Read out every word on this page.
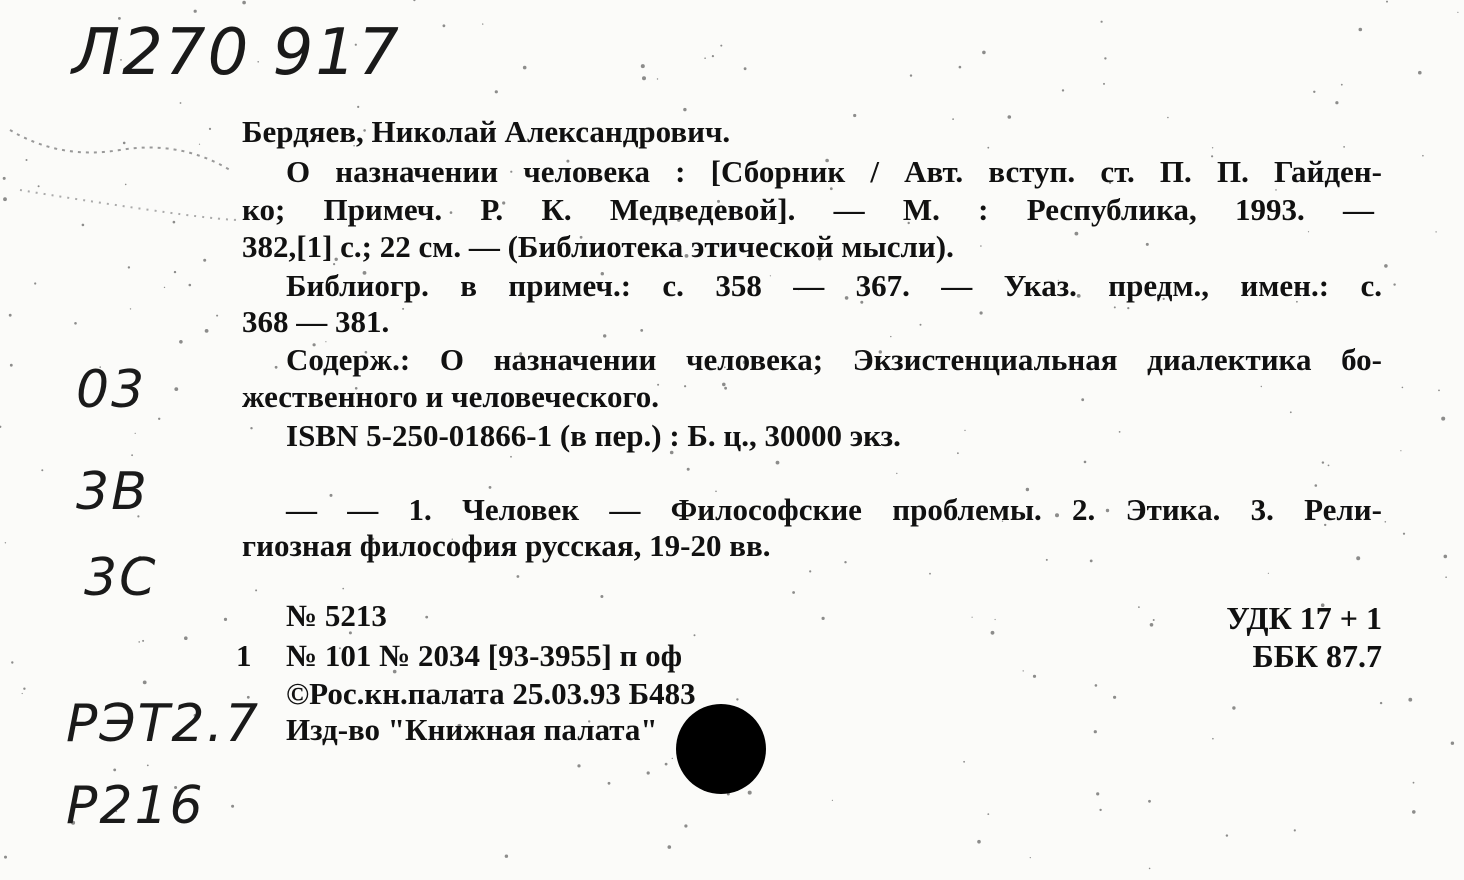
Л270 917
03
3В
3С
РЭТ2.7
Р216
Бердяев, Николай Александрович.
О назначении человека : [Сборник / Авт. вступ. ст. П. П. Гайден-
ко; Примеч. Р. К. Медведевой]. — М. : Республика, 1993. —
382,[1] с.; 22 см. — (Библиотека этической мысли).
Библиогр. в примеч.: с. 358 — 367. — Указ. предм., имен.: с.
368 — 381.
Содерж.: О назначении человека; Экзистенциальная диалектика бо-
жественного и человеческого.
ISBN 5-250-01866-1 (в пер.) : Б. ц., 30000 экз.
— — 1. Человек — Философские проблемы. 2. Этика. 3. Рели-
гиозная философия русская, 19-20 вв.
№ 5213
1 № 101 № 2034 [93-3955] п оф
©Рос.кн.палата 25.03.93 Б483
Изд-во "Книжная палата"
УДК 17 + 1
ББК 87.7
